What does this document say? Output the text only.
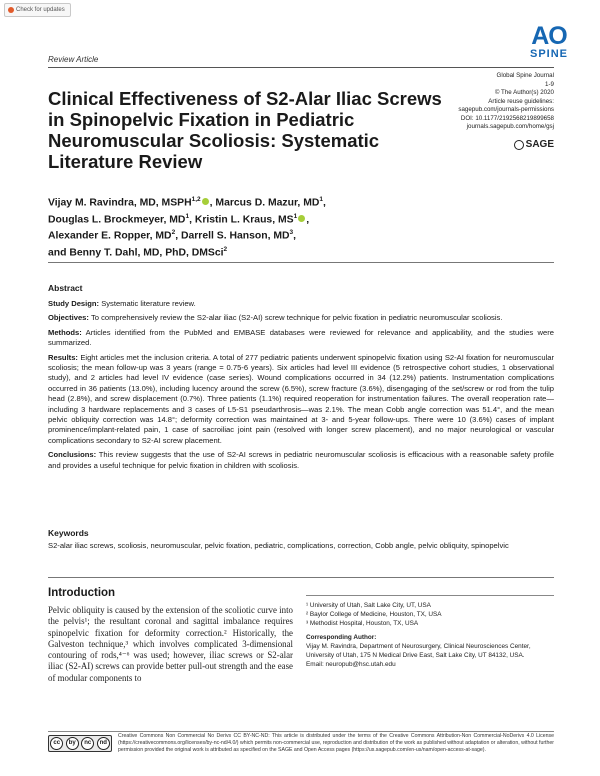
Check for updates
AO
SPINE
Review Article
Global Spine Journal
1-9
© The Author(s) 2020
Article reuse guidelines:
sagepub.com/journals-permissions
DOI: 10.1177/2192568219899658
journals.sagepub.com/home/gsj
SAGE
Clinical Effectiveness of S2-Alar Iliac Screws in Spinopelvic Fixation in Pediatric Neuromuscular Scoliosis: Systematic Literature Review
Vijay M. Ravindra, MD, MSPH$^{1,2}$ , Marcus D. Mazur, $MD^1$,
Douglas L. Brockmeyer, $MD^1$, Kristin L. Kraus, $MS^1$ ,
Alexander E. Ropper, $MD^2$, Darrell S. Hanson, $MD^3$,
and Benny T. Dahl, MD, PhD, DMSci$^2$
Abstract

Study Design: Systematic literature review.

Objectives: To comprehensively review the S2-alar iliac (S2-AI) screw technique for pelvic fixation in pediatric neuromuscular scoliosis.

Methods: Articles identified from the PubMed and EMBASE databases were reviewed for relevance and applicability, and the studies were summarized.

Results: Eight articles met the inclusion criteria. A total of 277 pediatric patients underwent spinopelvic fixation using S2-AI fixation for neuromuscular scoliosis; the mean follow-up was 3 years (range = 0.75-6 years). Six articles had level III evidence (5 retrospective cohort studies, 1 observational study), and 2 articles had level IV evidence (case series). Wound complications occurred in 34 (12.2%) patients. Instrumentation complications occurred in 36 patients (13.0%), including lucency around the screw (6.5%), screw fracture (3.6%), disengaging of the set/screw or rod from the tulip head (2.8%), and screw displacement (0.7%). Three patients (1.1%) required reoperation for instrumentation failures. The overall reoperation rate—including 3 hardware replacements and 3 cases of L5-S1 pseudarthrosis—was 2.1%. The mean Cobb angle correction was 51.4°, and the mean pelvic obliquity correction was 14.8°; deformity correction was maintained at 3- and 5-year follow-ups. There were 10 (3.6%) cases of implant prominence/implant-related pain, 1 case of sacroiliac joint pain (resolved with longer screw placement), and no major neurological or vascular complications secondary to S2-AI screw placement.

Conclusions: This review suggests that the use of S2-AI screws in pediatric neuromuscular scoliosis is efficacious with a reasonable safety profile and provides a useful technique for pelvic fixation in children with scoliosis.

Keywords
S2-alar iliac screws, scoliosis, neuromuscular, pelvic fixation, pediatric, complications, correction, Cobb angle, pelvic obliquity, spinopelvic
Introduction
Pelvic obliquity is caused by the extension of the scoliotic curve into the pelvis¹; the resultant coronal and sagittal imbalance requires spinopelvic fixation for deformity correction.² Historically, the Galveston technique,³ which involves complicated 3-dimensional contouring of rods,⁴⁻⁶ was used; however, iliac screws or S2-alar iliac (S2-AI) screws can provide better pull-out strength and the ease of modular components to
¹ University of Utah, Salt Lake City, UT, USA
² Baylor College of Medicine, Houston, TX, USA
³ Methodist Hospital, Houston, TX, USA
Corresponding Author:
Vijay M. Ravindra, Department of Neurosurgery, Clinical Neurosciences Center, University of Utah, 175 N Medical Drive East, Salt Lake City, UT 84132, USA.
Email: neuropub@hsc.utah.edu
cc	by	nc	nd
Creative Commons Non Commercial No Derivs CC BY-NC-ND: This article is distributed under the terms of the Creative Commons Attribution-Non Commercial-NoDerivs 4.0 License (https://creativecommons.org/licenses/by-nc-nd/4.0/) which permits non-commercial use, reproduction and distribution of the work as published without adaptation or alteration, without further permission provided the original work is attributed as specified on the SAGE and Open Access pages (https://us.sagepub.com/en-us/nam/open-access-at-sage).
